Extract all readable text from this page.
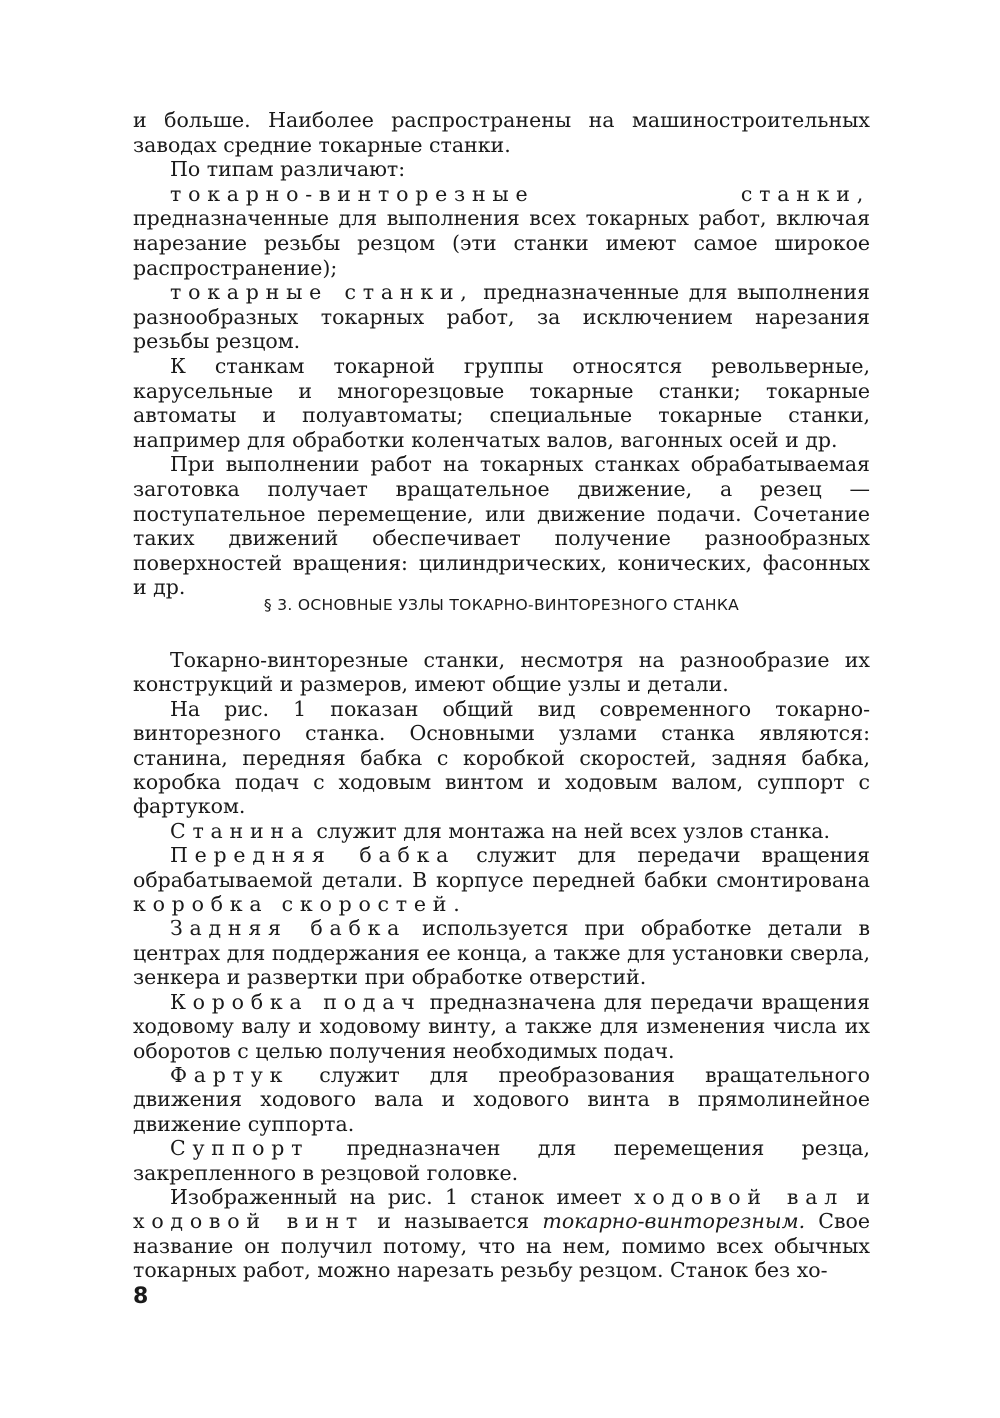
и больше. Наиболее распространены на машиностроительных заводах средние токарные станки.

По типам различают:

токарно-винторезные станки, предназначенные для выполнения всех токарных работ, включая нарезание резьбы резцом (эти станки имеют самое широкое распространение);

токарные станки, предназначенные для выполнения разнообразных токарных работ, за исключением нарезания резьбы резцом.

К станкам токарной группы относятся револьверные, карусельные и многорезцовые токарные станки; токарные автоматы и полуавтоматы; специальные токарные станки, например для обработки коленчатых валов, вагонных осей и др.

При выполнении работ на токарных станках обрабатываемая заготовка получает вращательное движение, а резец — поступательное перемещение, или движение подачи. Сочетание таких движений обеспечивает получение разнообразных поверхностей вращения: цилиндрических, конических, фасонных и др.

§ 3. ОСНОВНЫЕ УЗЛЫ ТОКАРНО-ВИНТОРЕЗНОГО СТАНКА

Токарно-винторезные станки, несмотря на разнообразие их конструкций и размеров, имеют общие узлы и детали.

На рис. 1 показан общий вид современного токарно-винторезного станка. Основными узлами станка являются: станина, передняя бабка с коробкой скоростей, задняя бабка, коробка подач с ходовым винтом и ходовым валом, суппорт с фартуком.

Станина служит для монтажа на ней всех узлов станка.

Передняя бабка служит для передачи вращения обрабатываемой детали. В корпусе передней бабки смонтирована коробка скоростей.

Задняя бабка используется при обработке детали в центрах для поддержания ее конца, а также для установки сверла, зенкера и развертки при обработке отверстий.

Коробка подач предназначена для передачи вращения ходовому валу и ходовому винту, а также для изменения числа их оборотов с целью получения необходимых подач.

Фартук служит для преобразования вращательного движения ходового вала и ходового винта в прямолинейное движение суппорта.

Суппорт предназначен для перемещения резца, закрепленного в резцовой головке.

Изображенный на рис. 1 станок имеет ходовой вал и ходовой винт и называется токарно-винторезным. Свое название он получил потому, что на нем, помимо всех обычных токарных работ, можно нарезать резьбу резцом. Станок без хо-

8
